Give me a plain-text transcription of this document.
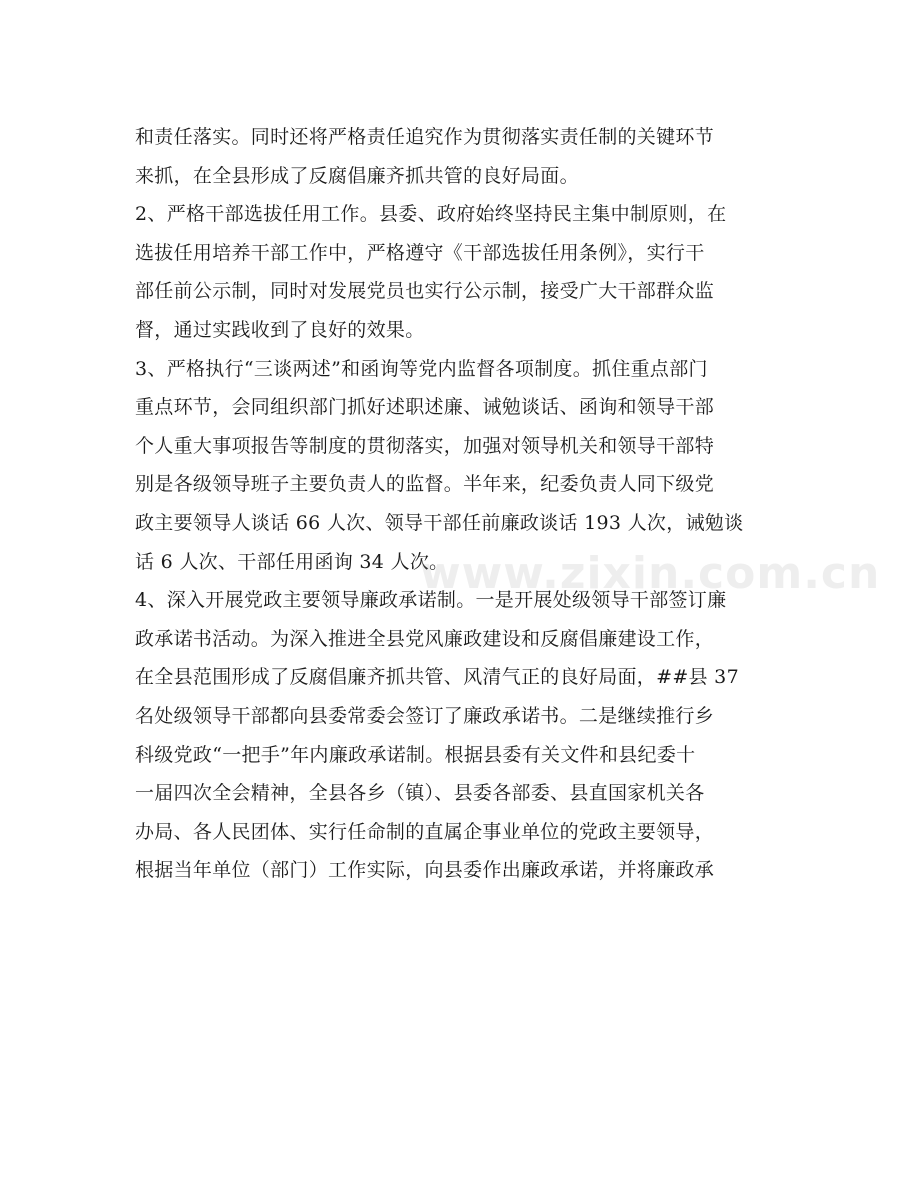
和责任落实。同时还将严格责任追究作为贯彻落实责任制的关键环节
来抓，在全县形成了反腐倡廉齐抓共管的良好局面。
2、严格干部选拔任用工作。县委、政府始终坚持民主集中制原则，在
选拔任用培养干部工作中，严格遵守《干部选拔任用条例》，实行干
部任前公示制，同时对发展党员也实行公示制，接受广大干部群众监
督，通过实践收到了良好的效果。
3、严格执行“三谈两述”和函询等党内监督各项制度。抓住重点部门
重点环节，会同组织部门抓好述职述廉、诫勉谈话、函询和领导干部
个人重大事项报告等制度的贯彻落实，加强对领导机关和领导干部特
别是各级领导班子主要负责人的监督。半年来，纪委负责人同下级党
政主要领导人谈话 66 人次、领导干部任前廉政谈话 193 人次，诫勉谈
话 6 人次、干部任用函询 34 人次。
4、深入开展党政主要领导廉政承诺制。一是开展处级领导干部签订廉
政承诺书活动。为深入推进全县党风廉政建设和反腐倡廉建设工作，
在全县范围形成了反腐倡廉齐抓共管、风清气正的良好局面，##县 37
名处级领导干部都向县委常委会签订了廉政承诺书。二是继续推行乡
科级党政“一把手”年内廉政承诺制。根据县委有关文件和县纪委十
一届四次全会精神，全县各乡（镇）、县委各部委、县直国家机关各
办局、各人民团体、实行任命制的直属企事业单位的党政主要领导，
根据当年单位（部门）工作实际，向县委作出廉政承诺，并将廉政承
www.zixin.com.cn
